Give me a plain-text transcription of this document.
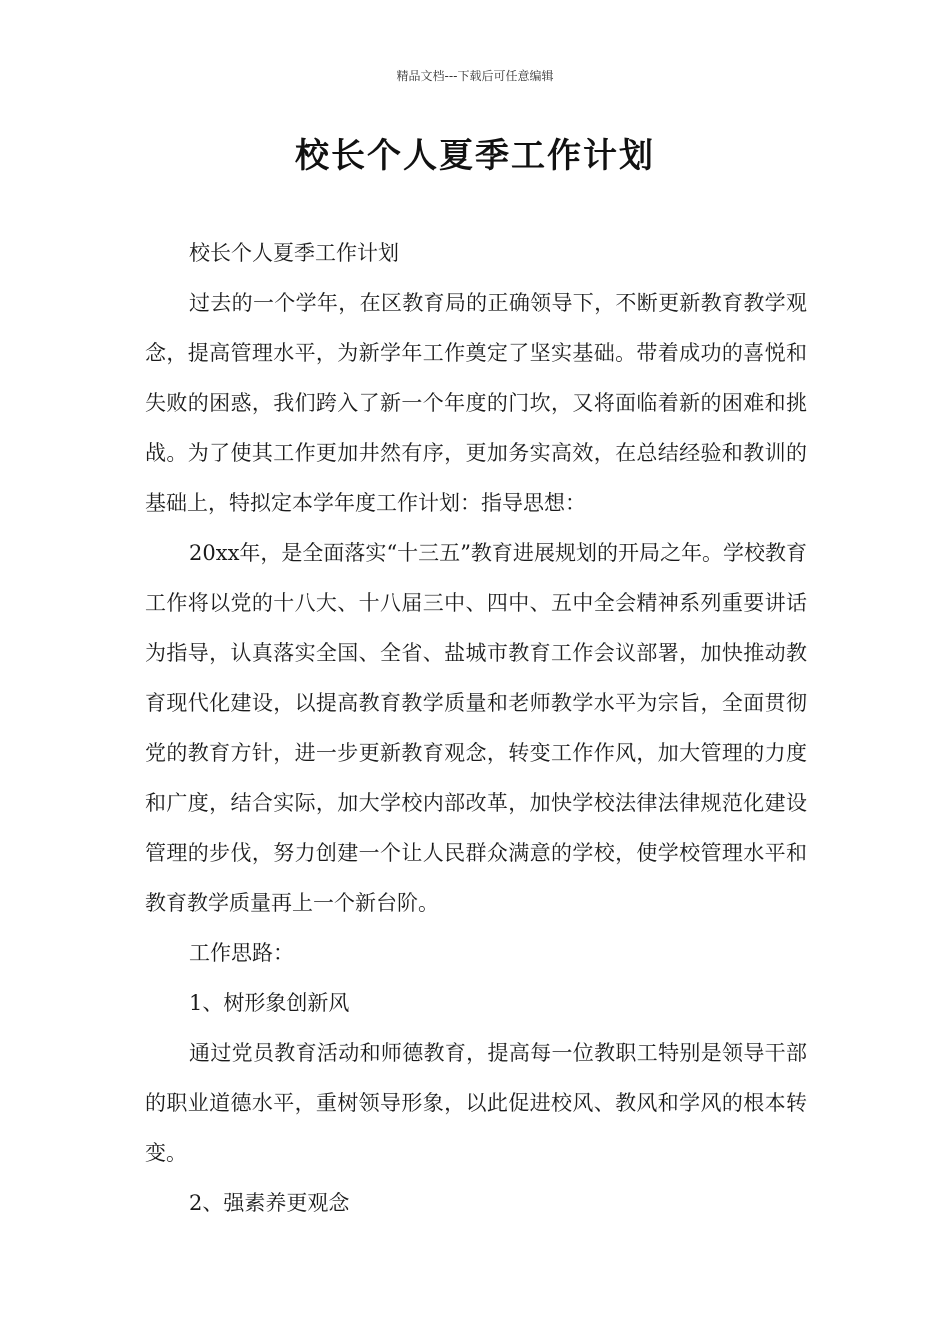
精品文档---下载后可任意编辑
校长个人夏季工作计划

校长个人夏季工作计划

过去的一个学年，在区教育局的正确领导下，不断更新教育教学观念，提高管理水平，为新学年工作奠定了坚实基础。带着成功的喜悦和失败的困惑，我们跨入了新一个年度的门坎，又将面临着新的困难和挑战。为了使其工作更加井然有序，更加务实高效，在总结经验和教训的基础上，特拟定本学年度工作计划：指导思想：

20xx年，是全面落实“十三五”教育进展规划的开局之年。学校教育工作将以党的十八大、十八届三中、四中、五中全会精神系列重要讲话为指导，认真落实全国、全省、盐城市教育工作会议部署，加快推动教育现代化建设，以提高教育教学质量和老师教学水平为宗旨，全面贯彻党的教育方针，进一步更新教育观念，转变工作作风，加大管理的力度和广度，结合实际，加大学校内部改革，加快学校法律法律规范化建设管理的步伐，努力创建一个让人民群众满意的学校，使学校管理水平和教育教学质量再上一个新台阶。

工作思路：

1、树形象创新风

通过党员教育活动和师德教育，提高每一位教职工特别是领导干部的职业道德水平，重树领导形象，以此促进校风、教风和学风的根本转变。

2、强素养更观念
